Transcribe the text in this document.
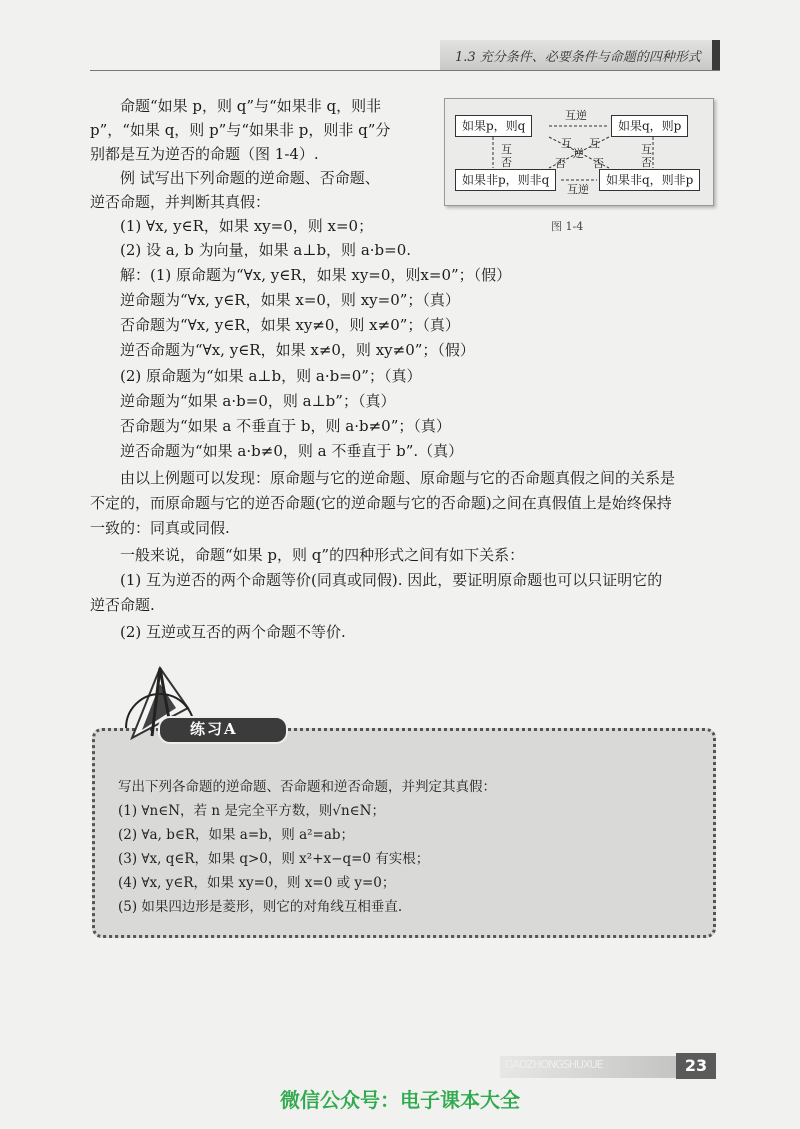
1.3 充分条件、必要条件与命题的四种形式
命题“如果 p，则 q”与“如果非 q，则非
p”，“如果 q，则 p”与“如果非 p，则非 q”分
别都是互为逆否的命题（图 1-4）.
如果p，则q	如果q，则p
如果非p，则非q	如果非q，则非p
互逆
互逆
互
否
互
否
互 互
逆
否 否
图 1-4
例 试写出下列命题的逆命题、否命题、
逆否命题，并判断其真假：
(1) ∀x, y∈R，如果 xy=0，则 x=0；
(2) 设 a, b 为向量，如果 a⊥b，则 a·b=0.
解：(1) 原命题为“∀x, y∈R，如果 xy=0，则x=0”；（假）
逆命题为“∀x, y∈R，如果 x=0，则 xy=0”；（真）
否命题为“∀x, y∈R，如果 xy≠0，则 x≠0”；（真）
逆否命题为“∀x, y∈R，如果 x≠0，则 xy≠0”；（假）
(2) 原命题为“如果 a⊥b，则 a·b=0”；（真）
逆命题为“如果 a·b=0，则 a⊥b”；（真）
否命题为“如果 a 不垂直于 b，则 a·b≠0”；（真）
逆否命题为“如果 a·b≠0，则 a 不垂直于 b”.（真）
由以上例题可以发现：原命题与它的逆命题、原命题与它的否命题真假之间的关系是
不定的，而原命题与它的逆否命题(它的逆命题与它的否命题)之间在真假值上是始终保持
一致的：同真或同假.
一般来说，命题“如果 p，则 q”的四种形式之间有如下关系：
(1) 互为逆否的两个命题等价(同真或同假). 因此，要证明原命题也可以只证明它的
逆否命题.
(2) 互逆或互否的两个命题不等价.
练习A
写出下列各命题的逆命题、否命题和逆否命题，并判定其真假：
(1) ∀n∈N，若 n 是完全平方数，则√n∈N；
(2) ∀a, b∈R，如果 a=b，则 a²=ab；
(3) ∀x, q∈R，如果 q>0，则 x²+x−q=0 有实根；
(4) ∀x, y∈R，如果 xy=0，则 x=0 或 y=0；
(5) 如果四边形是菱形，则它的对角线互相垂直.
GAOZHONGSHUXUE	23
微信公众号：电子课本大全
